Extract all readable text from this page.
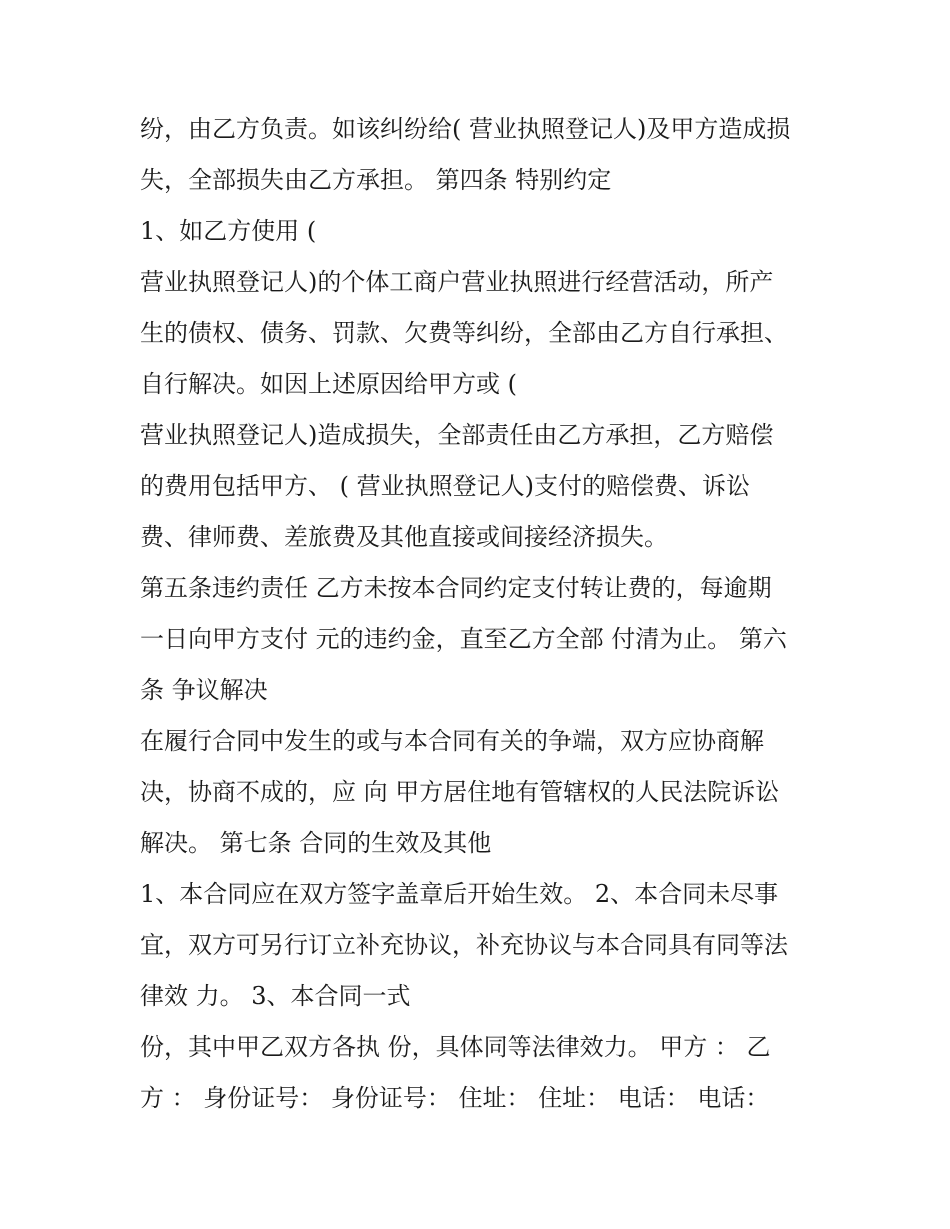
纷，由乙方负责。如该纠纷给( 营业执照登记人)及甲方造成损
失，全部损失由乙方承担。 第四条 特别约定
1、如乙方使用 (
营业执照登记人)的个体工商户营业执照进行经营活动，所产
生的债权、债务、罚款、欠费等纠纷，全部由乙方自行承担、
自行解决。如因上述原因给甲方或 (
营业执照登记人)造成损失，全部责任由乙方承担，乙方赔偿
的费用包括甲方、 ( 营业执照登记人)支付的赔偿费、诉讼
费、律师费、差旅费及其他直接或间接经济损失。
第五条违约责任 乙方未按本合同约定支付转让费的，每逾期
一日向甲方支付 元的违约金，直至乙方全部 付清为止。 第六
条 争议解决
在履行合同中发生的或与本合同有关的争端，双方应协商解
决，协商不成的，应 向 甲方居住地有管辖权的人民法院诉讼
解决。 第七条 合同的生效及其他
1、本合同应在双方签字盖章后开始生效。 2、本合同未尽事
宜，双方可另行订立补充协议，补充协议与本合同具有同等法
律效 力。 3、本合同一式
份，其中甲乙双方各执 份，具体同等法律效力。 甲方 ： 乙
方 ： 身份证号： 身份证号： 住址： 住址： 电话： 电话：
